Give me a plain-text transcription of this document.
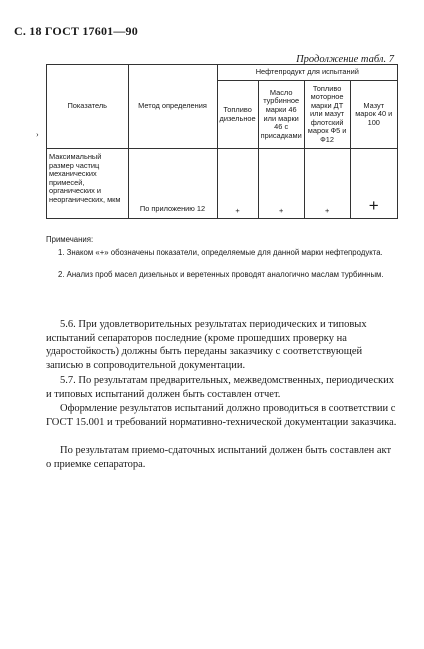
С. 18 ГОСТ 17601—90
Продолжение табл. 7
›
Показатель	Метод определения	Нефтепродукт для испытаний			
		Топливо дизельное	Масло турбинное марки 46 или марки 46 с присадками	Топливо моторное марки ДТ или мазут флотский марок Ф5 и Ф12	Мазут марок 40 и 100
Максимальный размер частиц механических примесей, органических и неорганических, мкм	По приложению 12	+	+	+	+
Примечания:
1. Знаком «+» обозначены показатели, определяемые для данной марки нефтепродукта.
2. Анализ проб масел дизельных и веретенных проводят аналогично маслам турбинным.
5.6. При удовлетворительных результатах периодических и типовых испытаний сепараторов последние (кроме прошедших проверку на ударостойкость) должны быть переданы заказчику с соответствующей записью в сопроводительной документации.
5.7. По результатам предварительных, межведомственных, периодических и типовых испытаний должен быть составлен отчет.
Оформление результатов испытаний должно проводиться в соответствии с ГОСТ 15.001 и требований нормативно-технической документации заказчика.
По результатам приемо-сдаточных испытаний должен быть составлен акт о приемке сепаратора.
